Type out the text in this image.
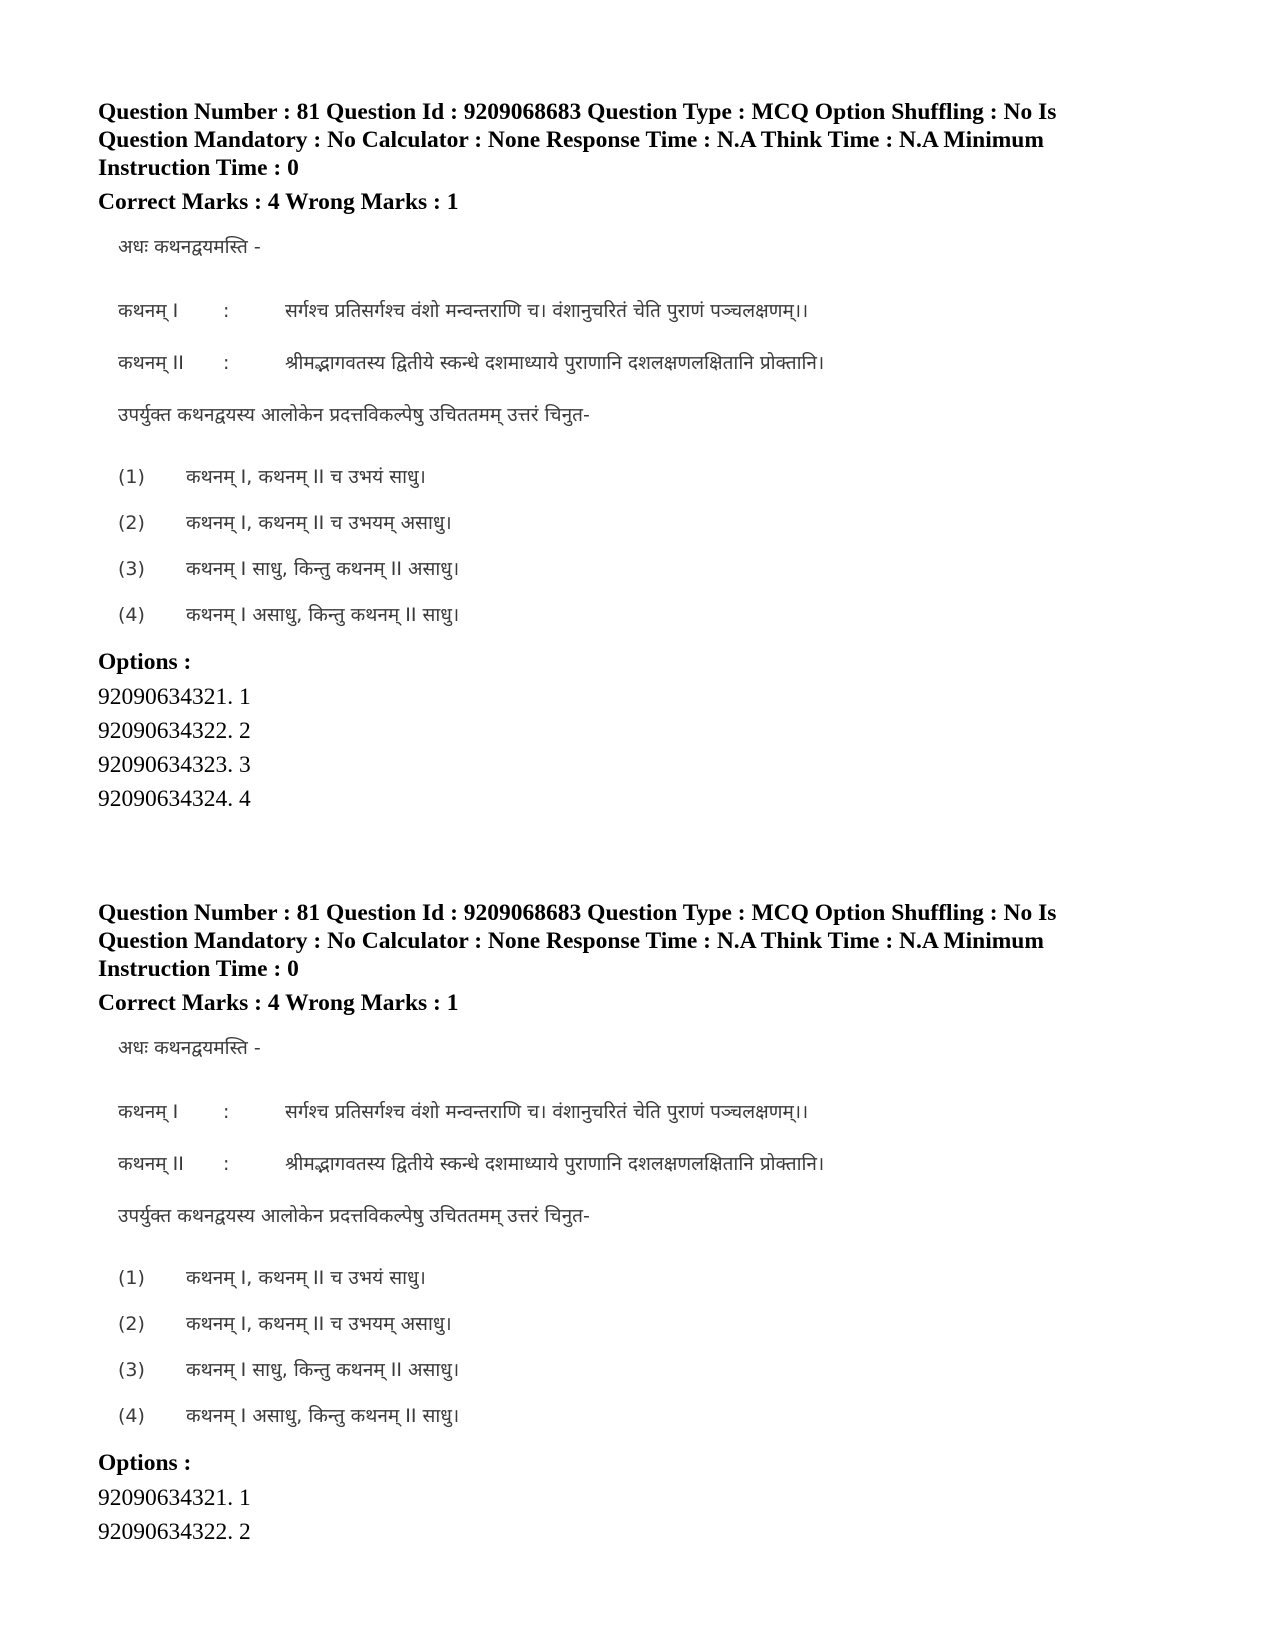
Question Number : 81 Question Id : 9209068683 Question Type : MCQ Option Shuffling : No Is
Question Mandatory : No Calculator : None Response Time : N.A Think Time : N.A Minimum
Instruction Time : 0

Correct Marks : 4 Wrong Marks : 1

अधः कथनद्वयमस्ति -
कथनम् I	:	सर्गश्च प्रतिसर्गश्च वंशो मन्वन्तराणि च। वंशानुचरितं चेति पुराणं पञ्चलक्षणम्।।
कथनम् II	:	श्रीमद्भागवतस्य द्वितीये स्कन्धे दशमाध्याये पुराणानि दशलक्षणलक्षितानि प्रोक्तानि।
उपर्युक्त कथनद्वयस्य आलोकेन प्रदत्तविकल्पेषु उचिततमम् उत्तरं चिनुत-
(1)	कथनम् I, कथनम् II च उभयं साधु।
(2)	कथनम् I, कथनम् II च उभयम् असाधु।
(3)	कथनम् I साधु, किन्तु कथनम् II असाधु।
(4)	कथनम् I असाधु, किन्तु कथनम् II साधु।

Options :

92090634321. 1

92090634322. 2

92090634323. 3

92090634324. 4

Question Number : 81 Question Id : 9209068683 Question Type : MCQ Option Shuffling : No Is
Question Mandatory : No Calculator : None Response Time : N.A Think Time : N.A Minimum
Instruction Time : 0

Correct Marks : 4 Wrong Marks : 1

अधः कथनद्वयमस्ति -
कथनम् I	:	सर्गश्च प्रतिसर्गश्च वंशो मन्वन्तराणि च। वंशानुचरितं चेति पुराणं पञ्चलक्षणम्।।
कथनम् II	:	श्रीमद्भागवतस्य द्वितीये स्कन्धे दशमाध्याये पुराणानि दशलक्षणलक्षितानि प्रोक्तानि।
उपर्युक्त कथनद्वयस्य आलोकेन प्रदत्तविकल्पेषु उचिततमम् उत्तरं चिनुत-
(1)	कथनम् I, कथनम् II च उभयं साधु।
(2)	कथनम् I, कथनम् II च उभयम् असाधु।
(3)	कथनम् I साधु, किन्तु कथनम् II असाधु।
(4)	कथनम् I असाधु, किन्तु कथनम् II साधु।

Options :

92090634321. 1

92090634322. 2
